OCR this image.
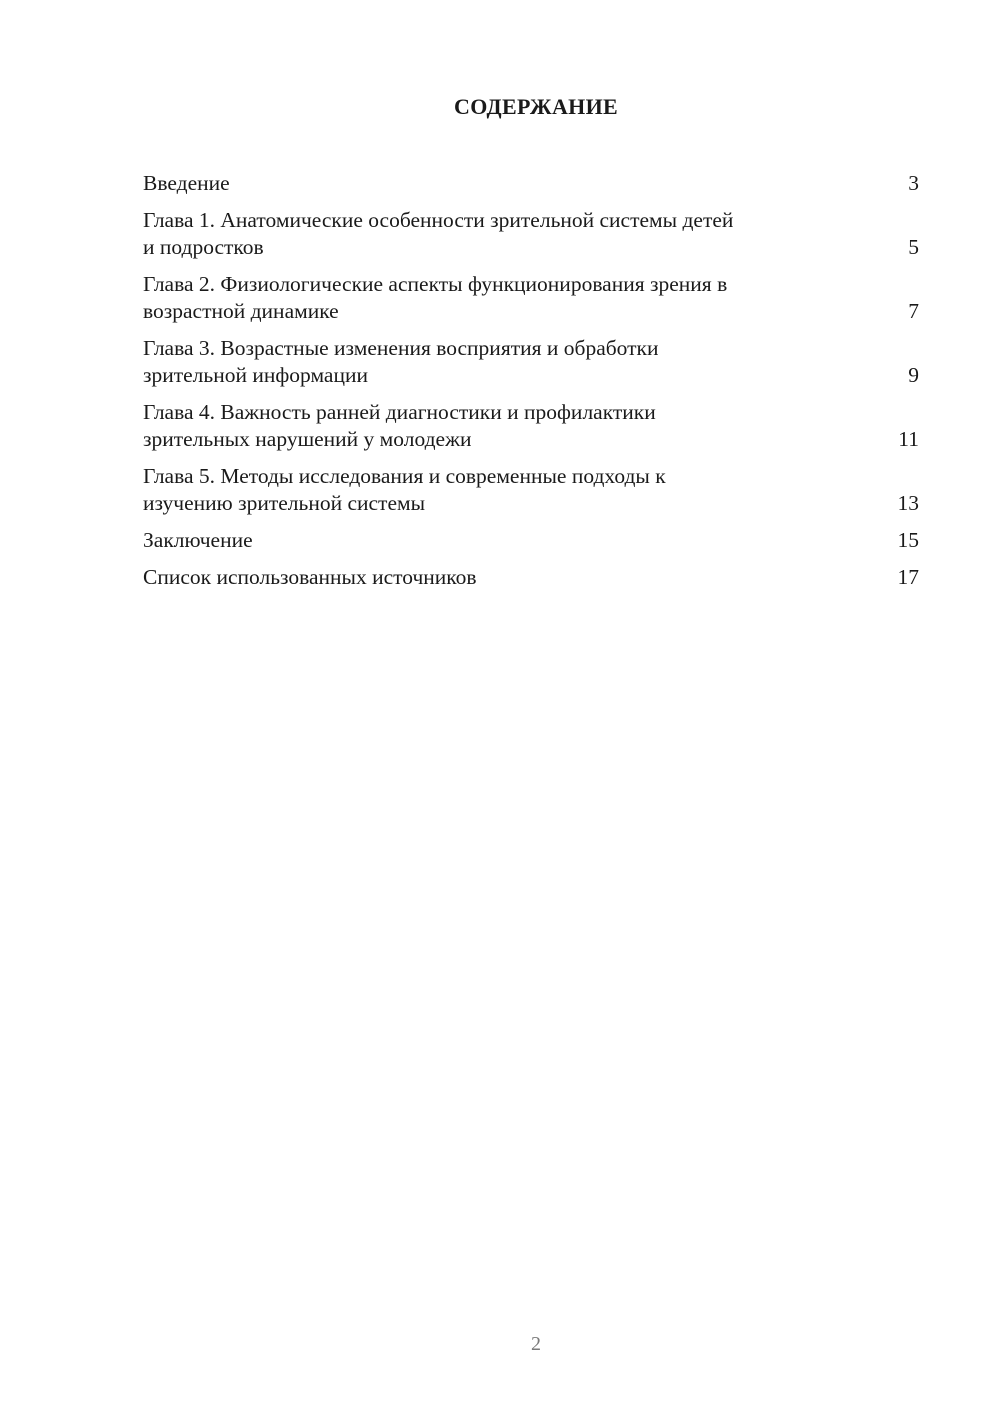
СОДЕРЖАНИЕ
Введение	3
Глава 1. Анатомические особенности зрительной системы детей
и подростков	5
Глава 2. Физиологические аспекты функционирования зрения в
возрастной динамике	7
Глава 3. Возрастные изменения восприятия и обработки
зрительной информации	9
Глава 4. Важность ранней диагностики и профилактики
зрительных нарушений у молодежи	11
Глава 5. Методы исследования и современные подходы к
изучению зрительной системы	13
Заключение	15
Список использованных источников	17
2
